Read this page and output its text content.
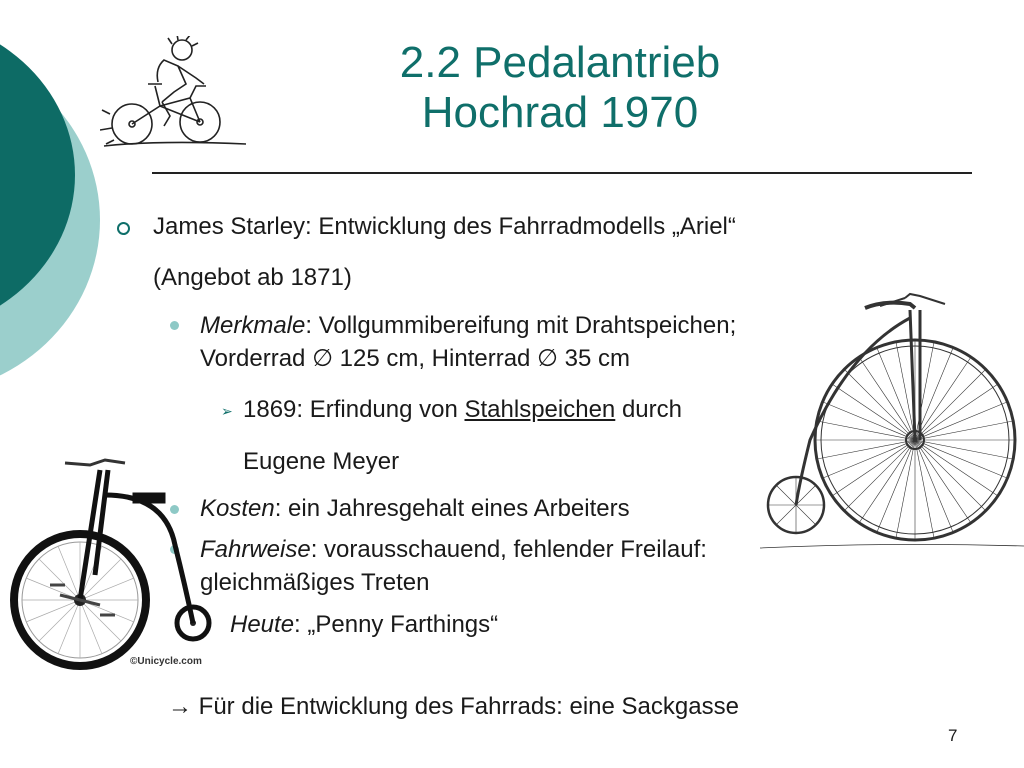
2.2 Pedalantrieb
Hochrad 1970
James Starley: Entwicklung des Fahrradmodells „Ariel“
(Angebot ab 1871)
Merkmale: Vollgummibereifung mit Drahtspeichen;
Vorderrad ∅ 125 cm, Hinterrad ∅ 35 cm
➢ 1869: Erfindung von Stahlspeichen durch
Eugene Meyer
Kosten: ein Jahresgehalt eines Arbeiters
Fahrweise: vorausschauend, fehlender Freilauf:
gleichmäßiges Treten
Heute: „Penny Farthings“
→ Für die Entwicklung des Fahrrads: eine Sackgasse
©Unicycle.com
7
